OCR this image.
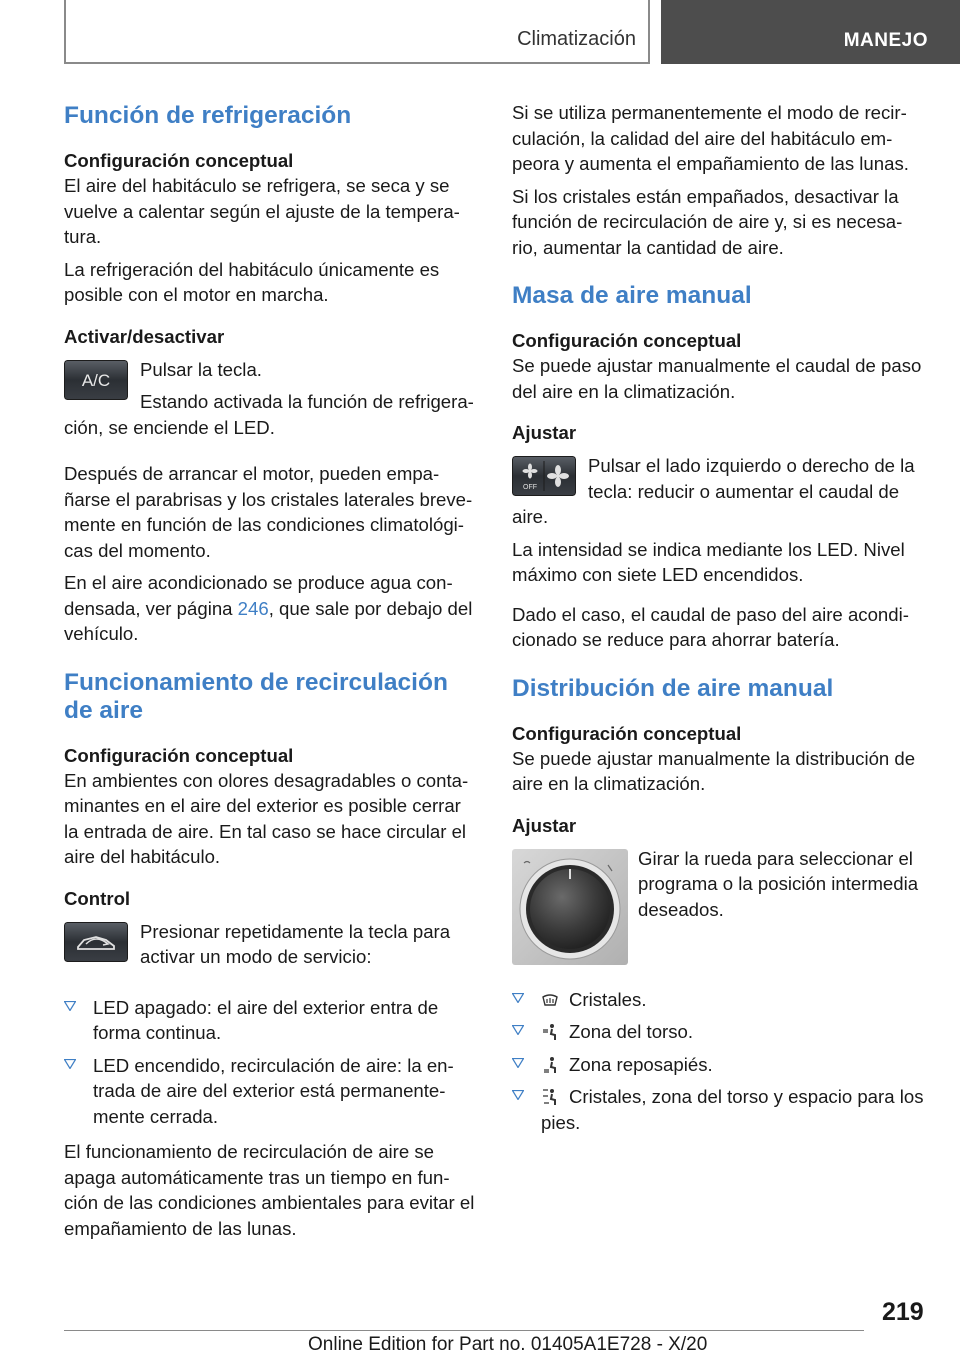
Climatización	MANEJO
Función de refrigeración
Configuración conceptual

El aire del habitáculo se refrigera, se seca y se vuelve a calentar según el ajuste de la tempera‐tura.

La refrigeración del habitáculo únicamente es posible con el motor en marcha.

Activar/desactivar
A/C

Pulsar la tecla.

Estando activada la función de refrigera‐ción, se enciende el LED.

Después de arrancar el motor, pueden empa‐ñarse el parabrisas y los cristales laterales breve‐mente en función de las condiciones climatológi‐cas del momento.

En el aire acondicionado se produce agua con‐densada, ver página 246, que sale por debajo del vehículo.

Funcionamiento de recirculación de aire
Configuración conceptual

En ambientes con olores desagradables o conta‐minantes en el aire del exterior es posible cerrar la entrada de aire. En tal caso se hace circular el aire del habitáculo.

Control

Presionar repetidamente la tecla para activar un modo de servicio:

LED apagado: el aire del exterior entra de forma continua.
LED encendido, recirculación de aire: la en‐trada de aire del exterior está permanente‐mente cerrada.

El funcionamiento de recirculación de aire se apaga automáticamente tras un tiempo en fun‐ción de las condiciones ambientales para evitar el empañamiento de las lunas.

Si se utiliza permanentemente el modo de recir‐culación, la calidad del aire del habitáculo em‐peora y aumenta el empañamiento de las lunas.

Si los cristales están empañados, desactivar la función de recirculación de aire y, si es necesa‐rio, aumentar la cantidad de aire.

Masa de aire manual
Configuración conceptual

Se puede ajustar manualmente el caudal de paso del aire en la climatización.

Ajustar
OFF

Pulsar el lado izquierdo o derecho de la tecla: reducir o aumentar el caudal de aire.

La intensidad se indica mediante los LED. Nivel máximo con siete LED encendidos.

Dado el caso, el caudal de paso del aire acondi‐cionado se reduce para ahorrar batería.

Distribución de aire manual
Configuración conceptual

Se puede ajustar manualmente la distribución de aire en la climatización.

Ajustar

Girar la rueda para seleccionar el programa o la posición intermedia deseados.

Cristales.
Zona del torso.
Zona reposapiés.
Cristales, zona del torso y espacio para los pies.
219
Online Edition for Part no. 01405A1E728 - X/20
